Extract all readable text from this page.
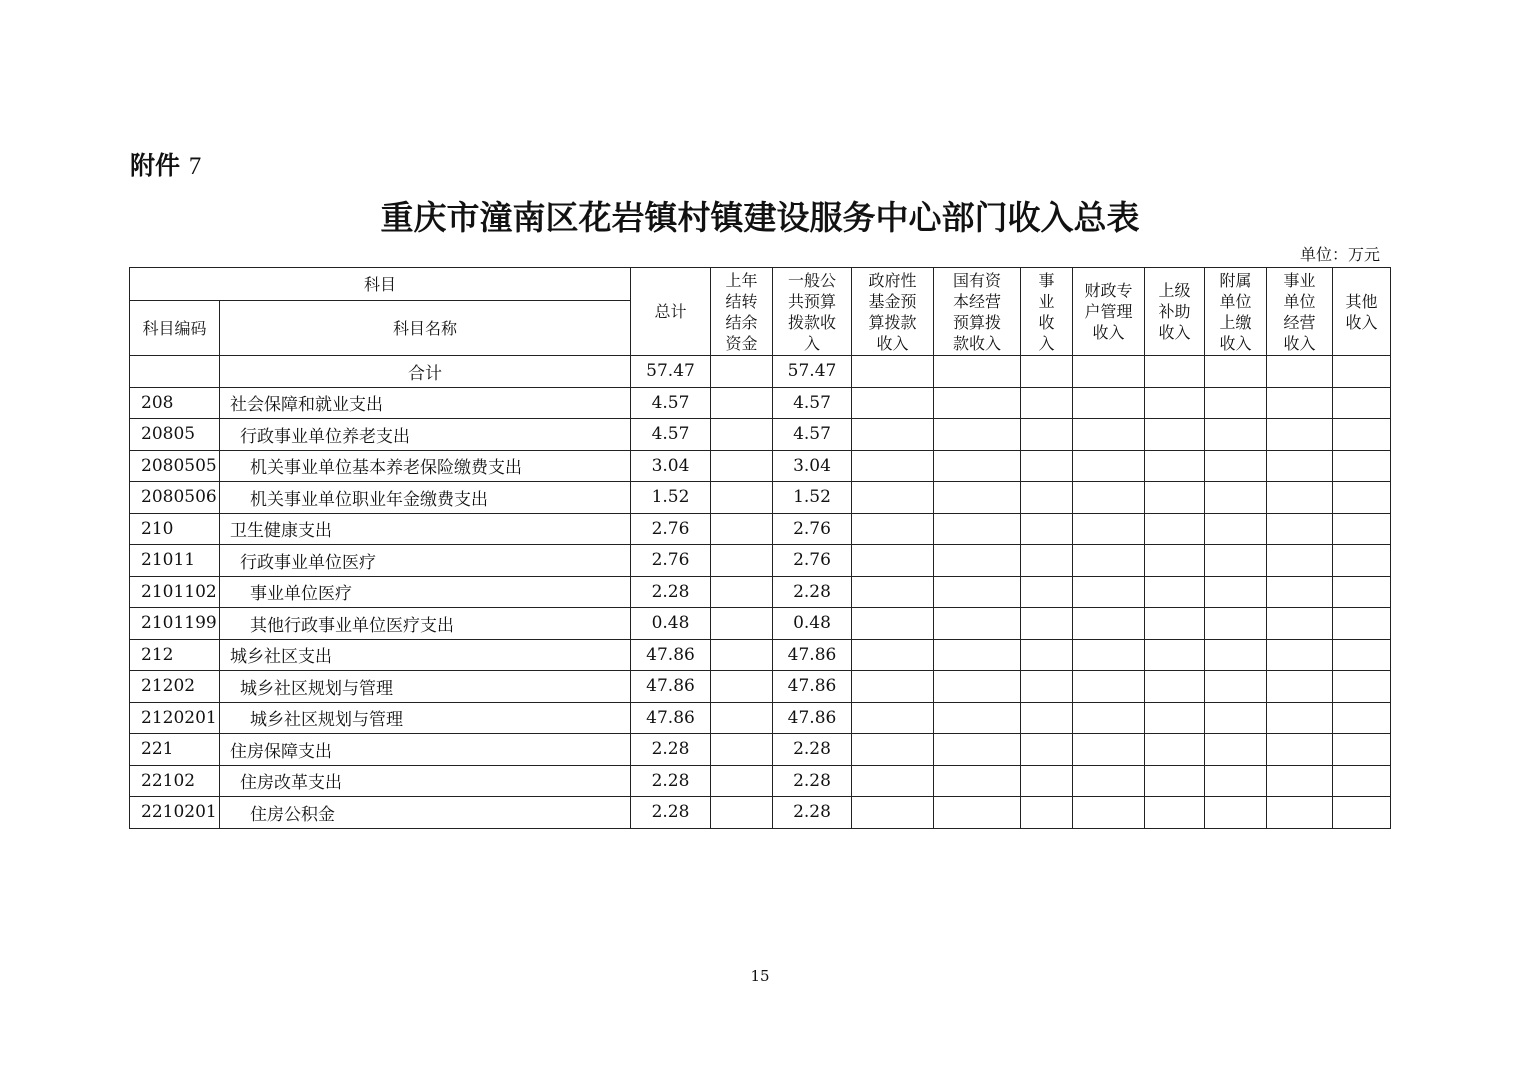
附件 7
重庆市潼南区花岩镇村镇建设服务中心部门收入总表
单位：万元
科目		总计	上年
结转
结余
资金	一般公
共预算
拨款收
入	政府性
基金预
算拨款
收入	国有资
本经营
预算拨
款收入	事
业
收
入	财政专
户管理
收入	上级
补助
收入	附属
单位
上缴
收入	事业
单位
经营
收入	其他
收入

科目编码	科目名称											
	合计	57.47		57.47								
208	社会保障和就业支出	4.57		4.57								
20805	行政事业单位养老支出	4.57		4.57								
2080505	机关事业单位基本养老保险缴费支出	3.04		3.04								
2080506	机关事业单位职业年金缴费支出	1.52		1.52								
210	卫生健康支出	2.76		2.76								
21011	行政事业单位医疗	2.76		2.76								
2101102	事业单位医疗	2.28		2.28								
2101199	其他行政事业单位医疗支出	0.48		0.48								
212	城乡社区支出	47.86		47.86								
21202	城乡社区规划与管理	47.86		47.86								
2120201	城乡社区规划与管理	47.86		47.86								
221	住房保障支出	2.28		2.28								
22102	住房改革支出	2.28		2.28								
2210201	住房公积金	2.28		2.28								
15
